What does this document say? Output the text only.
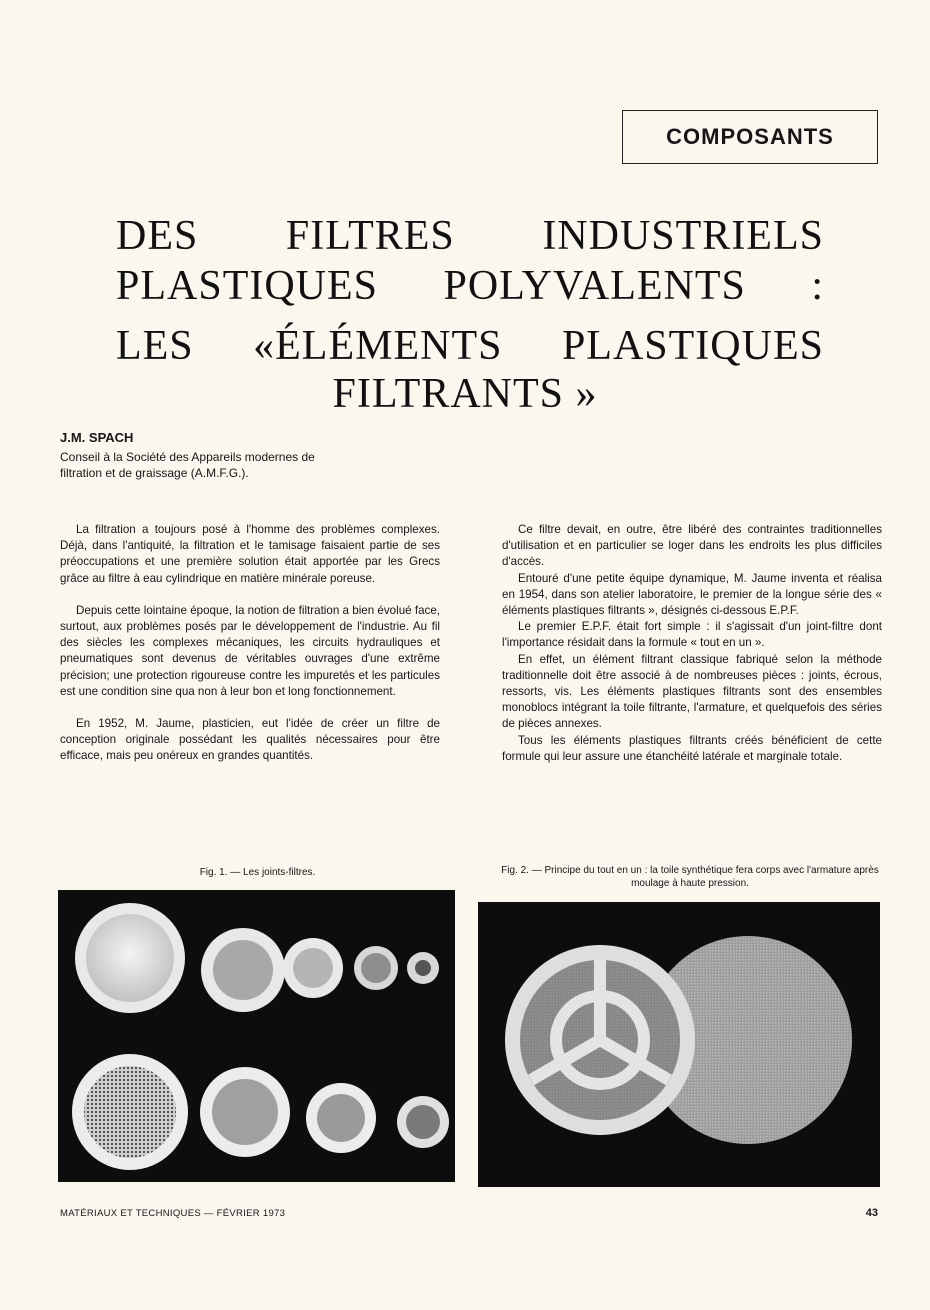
COMPOSANTS
DES FILTRES INDUSTRIELS
PLASTIQUES POLYVALENTS :
LES «ÉLÉMENTS PLASTIQUES
FILTRANTS »
J.M. SPACH
Conseil à la Société des Appareils modernes de filtration et de graissage (A.M.F.G.).

La filtration a toujours posé à l'homme des problèmes complexes. Déjà, dans l'antiquité, la filtration et le tamisage faisaient partie de ses préoccupations et une première solution était apportée par les Grecs grâce au filtre à eau cylindrique en matière minérale poreuse.

Depuis cette lointaine époque, la notion de filtration a bien évolué face, surtout, aux problèmes posés par le développement de l'industrie. Au fil des siècles les complexes mécaniques, les circuits hydrauliques et pneumatiques sont devenus de véritables ouvrages d'une extrême précision; une protection rigoureuse contre les impuretés et les particules est une condition sine qua non à leur bon et long fonctionnement.

En 1952, M. Jaume, plasticien, eut l'idée de créer un filtre de conception originale possédant les qualités nécessaires pour être efficace, mais peu onéreux en grandes quantités.

Ce filtre devait, en outre, être libéré des contraintes traditionnelles d'utilisation et en particulier se loger dans les endroits les plus difficiles d'accès.

Entouré d'une petite équipe dynamique, M. Jaume inventa et réalisa en 1954, dans son atelier laboratoire, le premier de la longue série des « éléments plastiques filtrants », désignés ci-dessous E.P.F.

Le premier E.P.F. était fort simple : il s'agissait d'un joint-filtre dont l'importance résidait dans la formule « tout en un ».

En effet, un élément filtrant classique fabriqué selon la méthode traditionnelle doit être associé à de nombreuses pièces : joints, écrous, ressorts, vis. Les éléments plastiques filtrants sont des ensembles monoblocs intégrant la toile filtrante, l'armature, et quelquefois des séries de pièces annexes.

Tous les éléments plastiques filtrants créés bénéficient de cette formule qui leur assure une étanchéité latérale et marginale totale.

Fig. 1. — Les joints-filtres.	Fig. 2. — Principe du tout en un : la toile synthétique fera corps avec l'armature après moulage à haute pression.
MATÉRIAUX ET TECHNIQUES — FÉVRIER 1973	43
